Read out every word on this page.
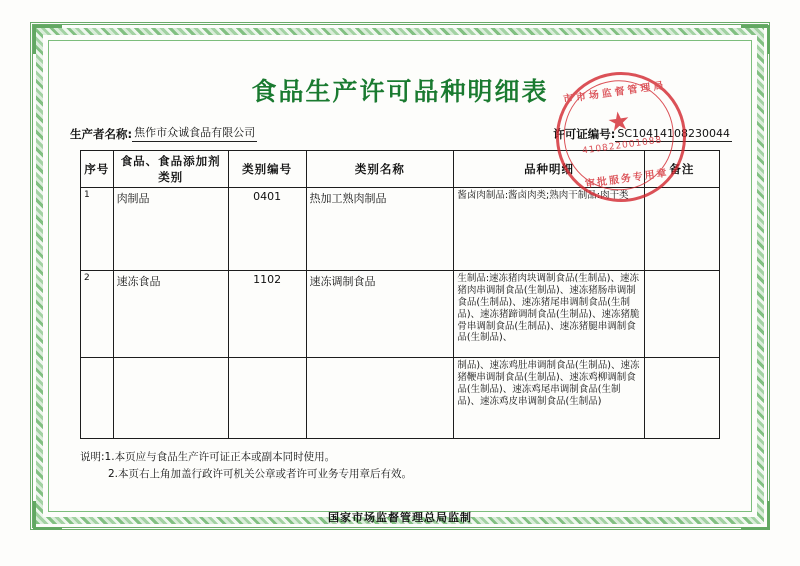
食品生产许可品种明细表
生产者名称: 焦作市众诚食品有限公司	许可证编号: SC10414108230044
序号	食品、食品添加剂类别	类别编号	类别名称	品种明细	备注
1	肉制品	0401	热加工熟肉制品	酱卤肉制品:酱卤肉类;熟肉干制品:肉干类	
2	速冻食品	1102	速冻调制食品	生制品:速冻猪肉块调制食品(生制品)、速冻猪肉串调制食品(生制品)、速冻猪肠串调制食品(生制品)、速冻猪尾串调制食品(生制品)、速冻猪蹄调制食品(生制品)、速冻猪脆骨串调制食品(生制品)、速冻猪腿串调制食品(生制品)、	
				制品)、速冻鸡肚串调制食品(生制品)、速冻猪鞭串调制食品(生制品)、速冻鸡柳调制食品(生制品)、速冻鸡尾串调制食品(生制品)、速冻鸡皮串调制食品(生制品)	
说明:1.本页应与食品生产许可证正本或副本同时使用。
2.本页右上角加盖行政许可机关公章或者许可业务专用章后有效。
国家市场监督管理总局监制
市市场监督管理局
★
410822001088
审批服务专用章
